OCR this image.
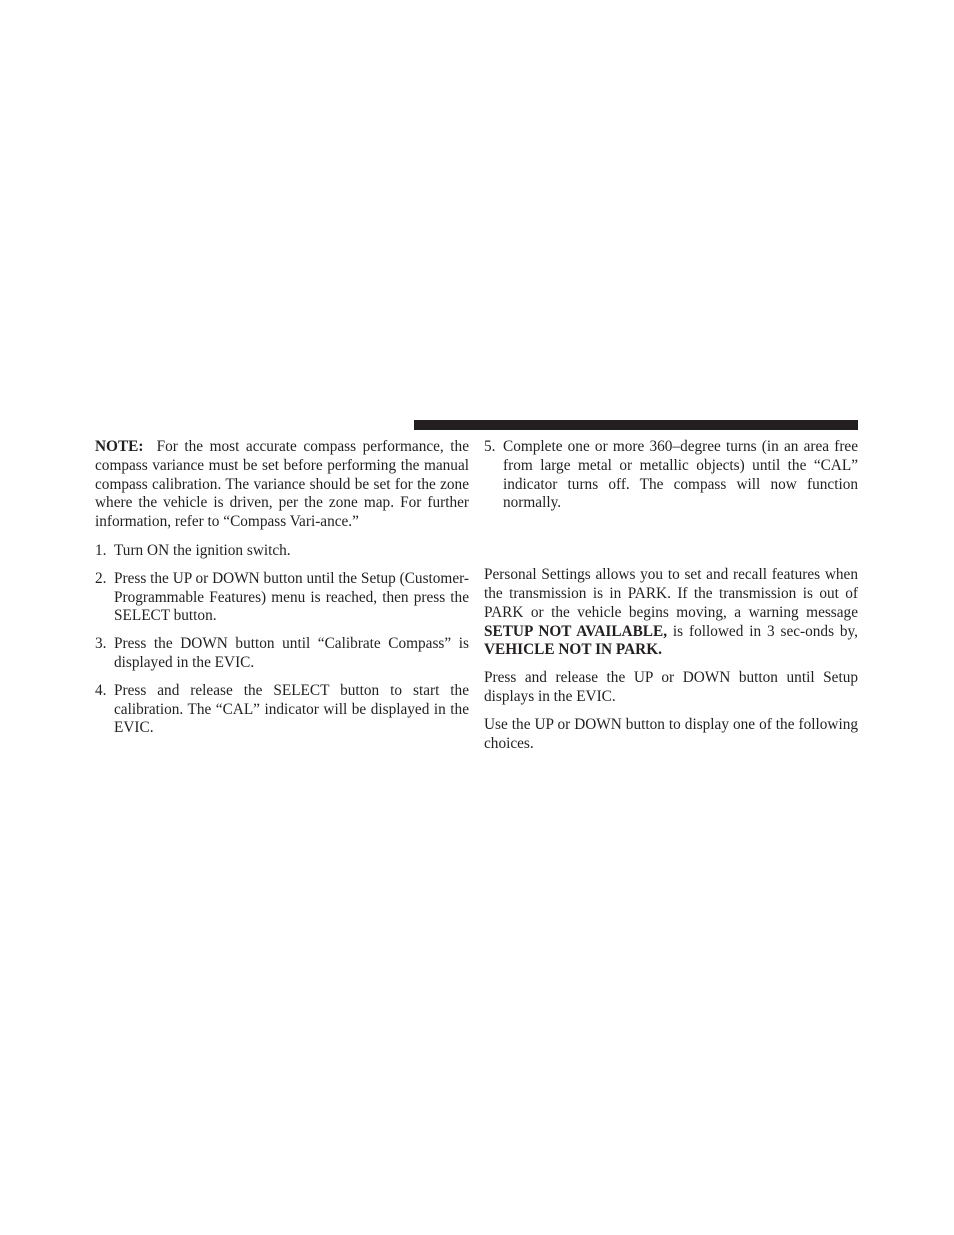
NOTE: For the most accurate compass performance, the compass variance must be set before performing the manual compass calibration. The variance should be set for the zone where the vehicle is driven, per the zone map. For further information, refer to “Compass Vari-ance.”

1. Turn ON the ignition switch.
2. Press the UP or DOWN button until the Setup (Customer-Programmable Features) menu is reached, then press the SELECT button.
3. Press the DOWN button until “Calibrate Compass” is displayed in the EVIC.
4. Press and release the SELECT button to start the calibration. The “CAL” indicator will be displayed in the EVIC.
5. Complete one or more 360–degree turns (in an area free from large metal or metallic objects) until the “CAL” indicator turns off. The compass will now function normally.

Personal Settings allows you to set and recall features when the transmission is in PARK. If the transmission is out of PARK or the vehicle begins moving, a warning message SETUP NOT AVAILABLE, is followed in 3 sec-onds by, VEHICLE NOT IN PARK.

Press and release the UP or DOWN button until Setup displays in the EVIC.

Use the UP or DOWN button to display one of the following choices.
